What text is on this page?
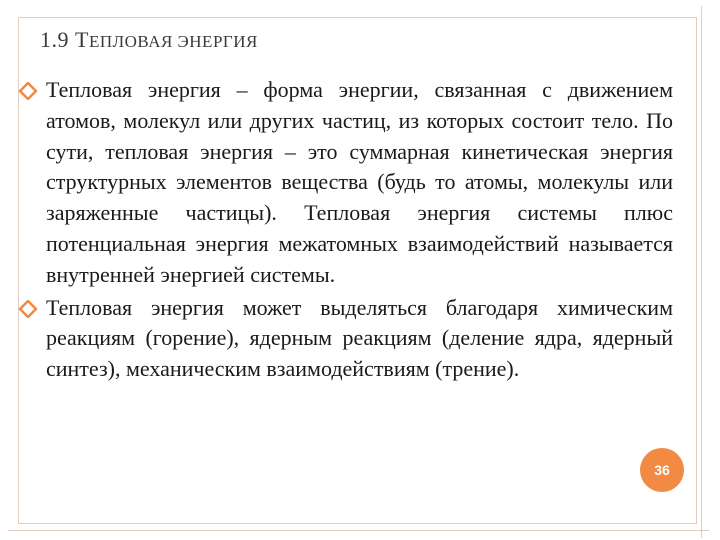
1.9 ТЕПЛОВАЯ ЭНЕРГИЯ
Тепловая энергия – форма энергии, связанная с движением атомов, молекул или других частиц, из которых состоит тело. По сути, тепловая энергия – это суммарная кинетическая энергия структурных элементов вещества (будь то атомы, молекулы или заряженные частицы). Тепловая энергия системы плюс потенциальная энергия межатомных взаимодействий называется внутренней энергией системы.
Тепловая энергия может выделяться благодаря химическим реакциям (горение), ядерным реакциям (деление ядра, ядерный синтез), механическим взаимодействиям (трение).
36
